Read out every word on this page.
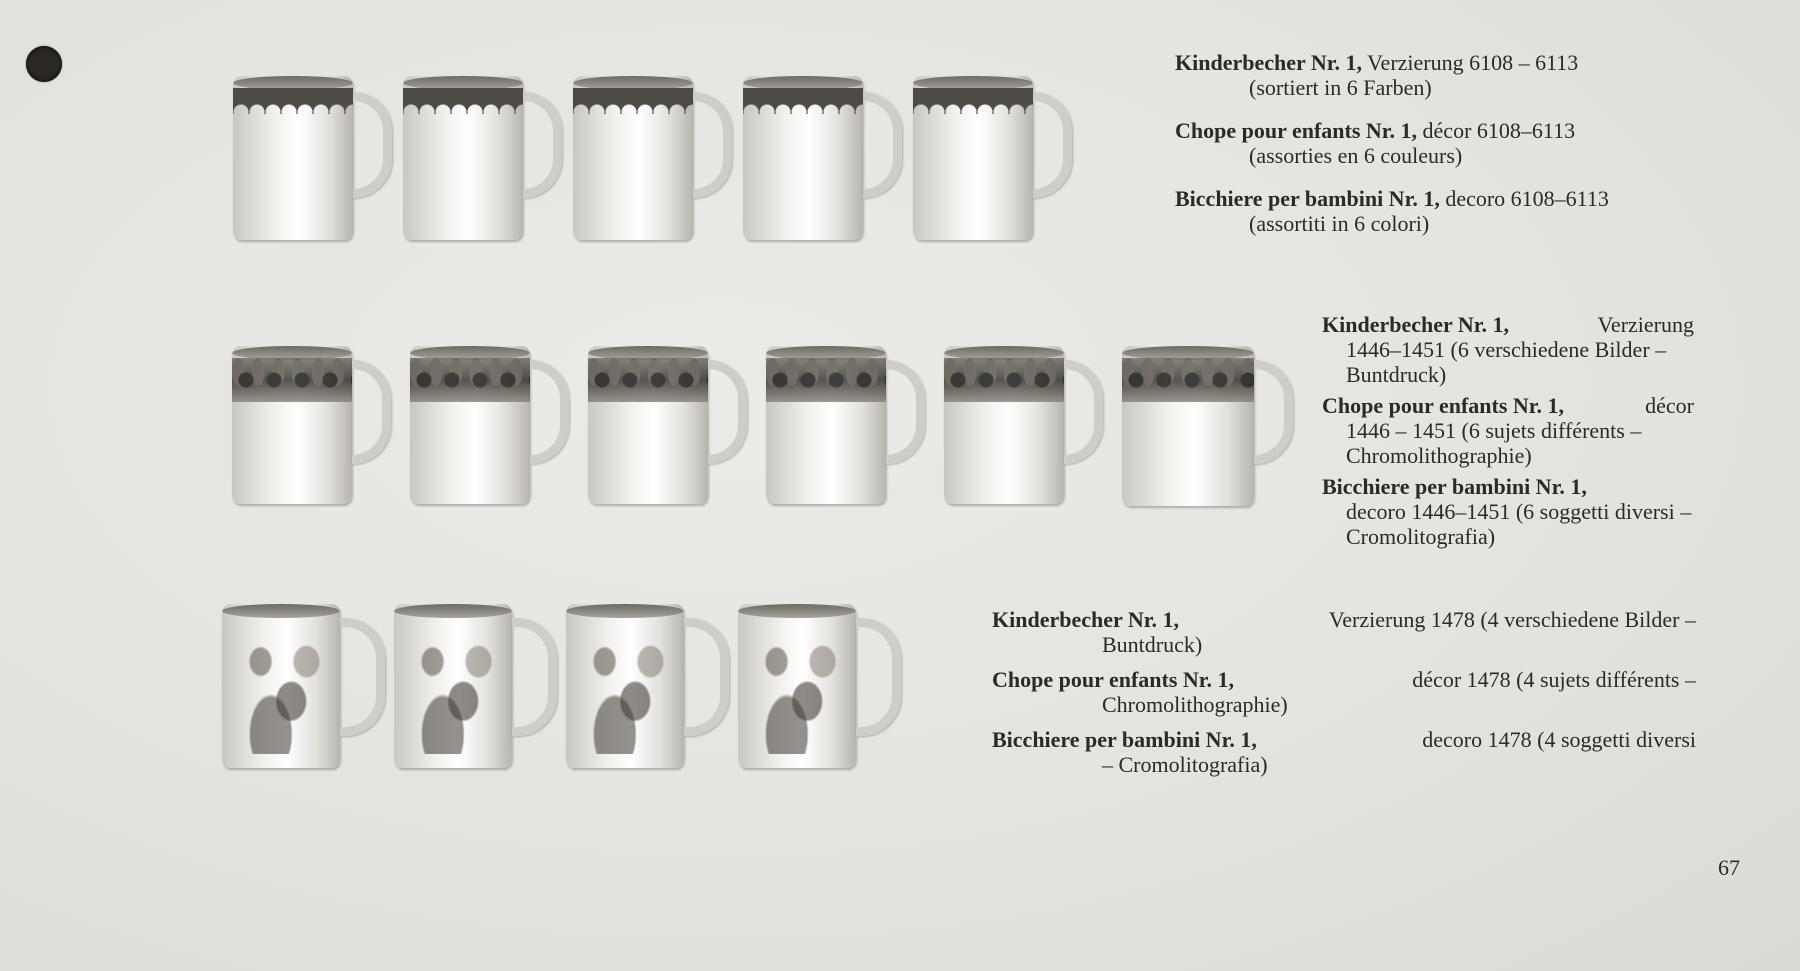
Kinderbecher Nr. 1, Verzierung 6108 – 6113
(sortiert in 6 Farben)
Chope pour enfants Nr. 1, décor 6108–6113
(assorties en 6 couleurs)
Bicchiere per bambini Nr. 1, decoro 6108–6113
(assortiti in 6 colori)
Kinderbecher Nr. 1,	Verzierung
1446–1451 (6 verschiedene Bilder – Buntdruck)
Chope pour enfants Nr. 1,	décor
1446 – 1451 (6 sujets différents – Chromolithographie)
Bicchiere per bambini Nr. 1,
decoro 1446–1451 (6 soggetti diversi – Cromolitografia)
Kinderbecher Nr. 1,	Verzierung 1478 (4 verschiedene Bilder –
Buntdruck)
Chope pour enfants Nr. 1,	décor 1478 (4 sujets différents –
Chromolithographie)
Bicchiere per bambini Nr. 1,	decoro 1478 (4 soggetti diversi
– Cromolitografia)
67
